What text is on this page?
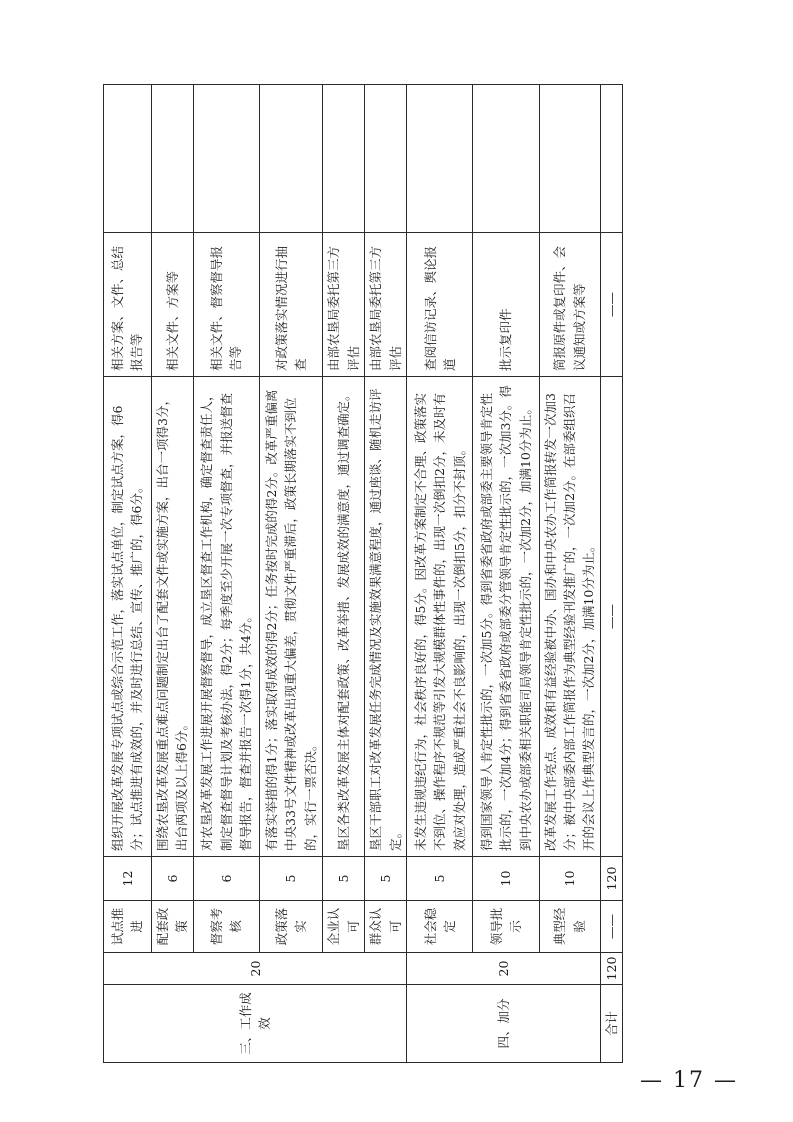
三、工作成效	20	试点推进	12	组织开展改革发展专项试点或综合示范工作，落实试点单位，制定试点方案，得6分；试点推进有成效的，并及时进行总结、宣传、推广的，得6分。	相关方案、文件、总结报告等	
		配套政策	6	围绕农垦改革发展重点难点问题制定出台了配套文件或实施方案，出台一项得3分，出台两项及以上得6分。	相关文件、方案等	
		督察考核	6	对农垦改革发展工作进展开展督察督导，成立垦区督查工作机构，确定督查责任人，制定督查督导计划及考核办法，得2分；每季度至少开展一次专项督查，并报送督查督导报告，督查并报告一次得1分，共4分。	相关文件、督察督导报告等	
		政策落实	5	有落实举措的得1分；落实取得成效的得2分；任务按时完成的得2分。改革严重偏离中央33号文件精神或改革出现重大偏差，贯彻文件严重滞后，政策长期落实不到位的，实行一票否决。	对政策落实情况进行抽查	
		企业认可	5	垦区各类改革发展主体对配套政策、改革举措、发展成效的满意度，通过调查确定。	由部农垦局委托第三方评估	
		群众认可	5	垦区干部职工对改革发展任务完成情况及实施效果满意程度，通过座谈、随机走访评定。	由部农垦局委托第三方评估	
四、加分	20	社会稳定	5	未发生违规违纪行为，社会秩序良好的，得5分。因改革方案制定不合理、政策落实不到位、操作程序不规范等引发大规模群体性事件的，出现一次倒扣2分，未及时有效应对处理，造成严重社会不良影响的，出现一次倒扣5分，扣分不封顶。	查阅信访记录、舆论报道	
		领导批示	10	得到国家领导人肯定性批示的，一次加5分。得到省委省政府或部委主要领导肯定性批示的，一次加4分；得到省委省政府或部委分管领导肯定性批示的，一次加3分。得到中央农办或部委相关职能司局领导肯定性批示的，一次加2分，加满10分为止。	批示复印件	
		典型经验	10	改革发展工作亮点、成效和有益经验被中办、国办和中央农办工作简报转发一次加3分；被中央部委内部工作简报作为典型经验刊发推广的，一次加2分。在部委组织召开的会议上作典型发言的，一次加2分，加满10分为止。	简报原件或复印件、会议通知或方案等	
合计	120	——	120	——	——	
— 17 —
